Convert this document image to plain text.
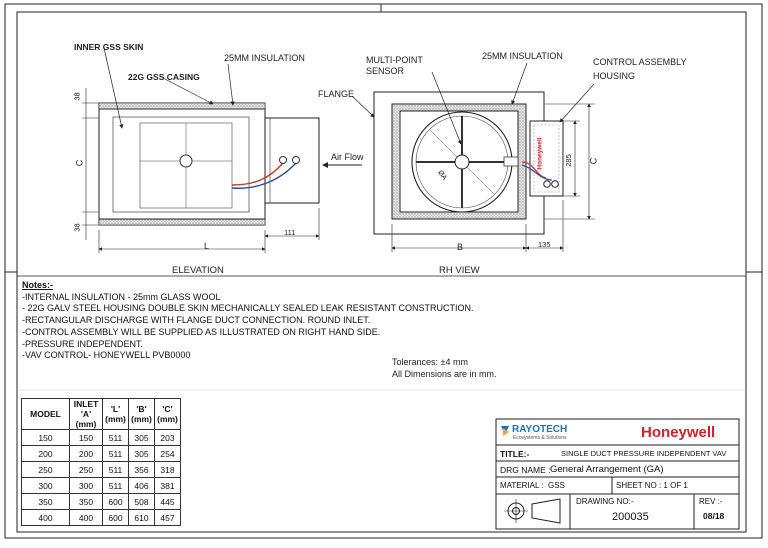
INNER GSS SKIN
22G GSS CASING
25MM INSULATION
Air Flow
38
38
C
L
111
ELEVATION
MULTI-POINT
SENSOR
25MM INSULATION
CONTROL ASSEMBLY
HOUSING
FLANGE
B	135
285 C
ØA
Honeywell
RH VIEW
Notes:-
-INTERNAL INSULATION - 25mm GLASS WOOL
- 22G GALV STEEL HOUSING DOUBLE SKIN MECHANICALLY SEALED LEAK RESISTANT CONSTRUCTION.
-RECTANGULAR DISCHARGE WITH FLANGE DUCT CONNECTION. ROUND INLET.
-CONTROL ASSEMBLY WILL BE SUPPLIED AS ILLUSTRATED ON RIGHT HAND SIDE.
-PRESSURE INDEPENDENT.
-VAV CONTROL- HONEYWELL PVB0000
Tolerances: ±4 mm
All Dimensions are in mm.
MODEL	INLET
'A'
(mm)	'L'
(mm)	'B'
(mm)	'C'
(mm)
150	150	511	305	203
200	200	511	305	254
250	250	511	356	318
300	300	511	406	381
350	350	600	508	445
400	400	600	610	457
RAYOTECH
Ecosystems & Solutions	Honeywell
TITLE:-	SINGLE DUCT PRESSURE INDEPENDENT VAV
DRG NAME : General Arrangement (GA)
MATERIAL : GSS	SHEET NO : 1 OF 1
DRAWING NO:-
200035
REV :-
08/18
